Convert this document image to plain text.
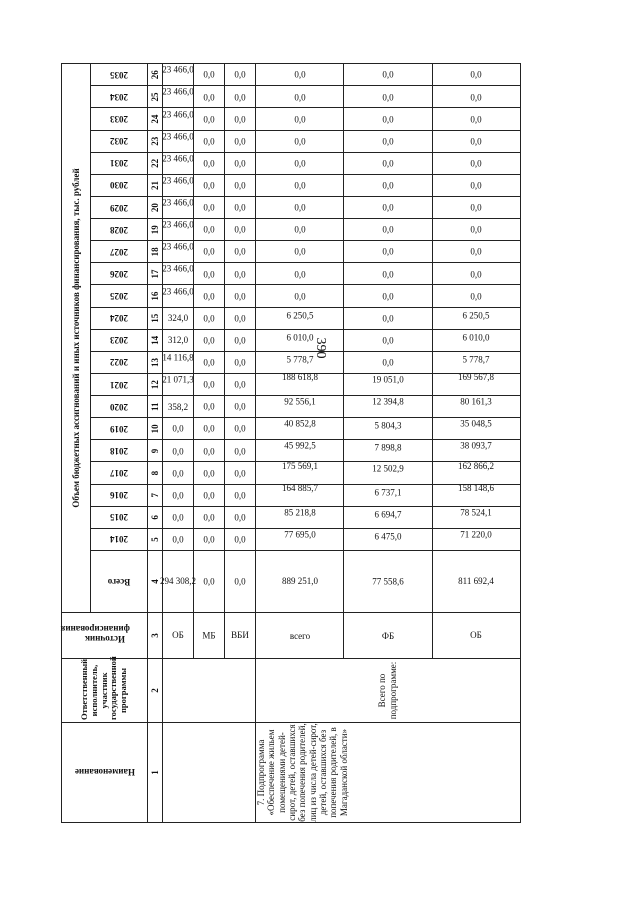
390
Наименование	Ответственный исполнитель, участник государственной программы	Источник финансирования	Объем бюджетных ассигнований и иных источников финансирования, тыс. рублей																						
			Всего	2014	2015	2016	2017	2018	2019	2020	2021	2022	2023	2024	2025	2026	2027	2028	2029	2030	2031	2032	2033	2034	2035
1	2	3	4	5	6	7	8	9	10	11	12	13	14	15	16	17	18	19	20	21	22	23	24	25	26
		ОБ	294 308,2	0,0	0,0	0,0	0,0	0,0	0,0	358,2	21 071,3	14 116,8	312,0	324,0	23 466,0	23 466,0	23 466,0	23 466,0	23 466,0	23 466,0	23 466,0	23 466,0	23 466,0	23 466,0	23 466,0
		МБ	0,0	0,0	0,0	0,0	0,0	0,0	0,0	0,0	0,0	0,0	0,0	0,0	0,0	0,0	0,0	0,0	0,0	0,0	0,0	0,0	0,0	0,0	0,0
		ВБИ	0,0	0,0	0,0	0,0	0,0	0,0	0,0	0,0	0,0	0,0	0,0	0,0	0,0	0,0	0,0	0,0	0,0	0,0	0,0	0,0	0,0	0,0	0,0
7. Подпрограмма «Обеспечение жильем помещениями детей-сирот, детей, оставшихся без попечения родителей, лиц из числа детей-сирот, детей, оставшихся без попечения родителей, в Магаданской области»	Всего по подпрограмме:	всего	889 251,0	77 695,0	85 218,8	164 885,7	175 569,1	45 992,5	40 852,8	92 556,1	188 618,8	5 778,7	6 010,0	6 250,5	0,0	0,0	0,0	0,0	0,0	0,0	0,0	0,0	0,0	0,0	0,0
		ФБ	77 558,6	6 475,0	6 694,7	6 737,1	12 502,9	7 898,8	5 804,3	12 394,8	19 051,0	0,0	0,0	0,0	0,0	0,0	0,0	0,0	0,0	0,0	0,0	0,0	0,0	0,0	0,0
		ОБ	811 692,4	71 220,0	78 524,1	158 148,6	162 866,2	38 093,7	35 048,5	80 161,3	169 567,8	5 778,7	6 010,0	6 250,5	0,0	0,0	0,0	0,0	0,0	0,0	0,0	0,0	0,0	0,0	0,0
